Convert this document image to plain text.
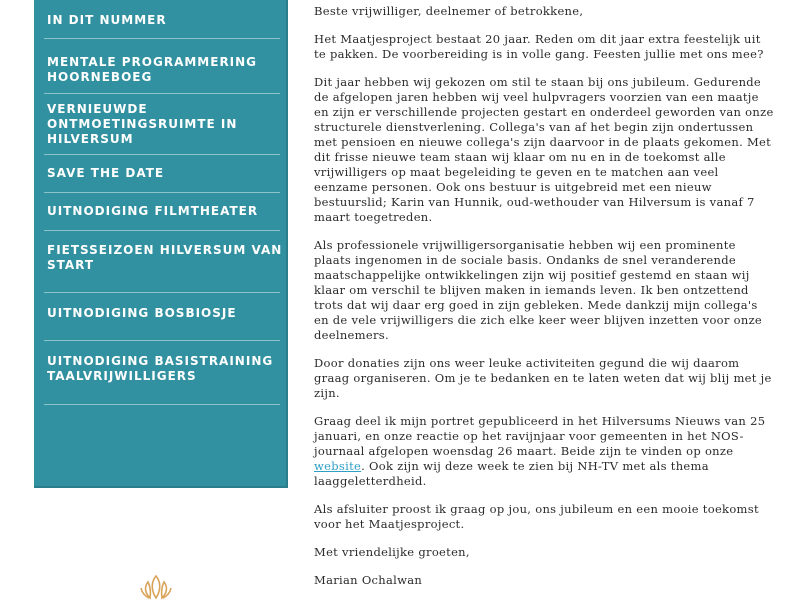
IN DIT NUMMER
MENTALE PROGRAMMERING HOORNEBOEG
VERNIEUWDE ONTMOETINGSRUIMTE IN HILVERSUM
SAVE THE DATE
UITNODIGING FILMTHEATER
FIETSSEIZOEN HILVERSUM VAN START
UITNODIGING BOSBIOSJE
UITNODIGING BASISTRAINING TAALVRIJWILLIGERS

Beste vrijwilliger, deelnemer of betrokkene,

Het Maatjesproject bestaat 20 jaar. Reden om dit jaar extra feestelijk uit te pakken. De voorbereiding is in volle gang. Feesten jullie met ons mee?

Dit jaar hebben wij gekozen om stil te staan bij ons jubileum. Gedurende de afgelopen jaren hebben wij veel hulpvragers voorzien van een maatje en zijn er verschillende projecten gestart en onderdeel geworden van onze structurele dienstverlening. Collega's van af het begin zijn ondertussen met pensioen en nieuwe collega's zijn daarvoor in de plaats gekomen. Met dit frisse nieuwe team staan wij klaar om nu en in de toekomst alle vrijwilligers op maat begeleiding te geven en te matchen aan veel eenzame personen. Ook ons bestuur is uitgebreid met een nieuw bestuurslid; Karin van Hunnik, oud-wethouder van Hilversum is vanaf 7 maart toegetreden.

Als professionele vrijwilligersorganisatie hebben wij een prominente plaats ingenomen in de sociale basis. Ondanks de snel veranderende maatschappelijke ontwikkelingen zijn wij positief gestemd en staan wij klaar om verschil te blijven maken in iemands leven. Ik ben ontzettend trots dat wij daar erg goed in zijn gebleken. Mede dankzij mijn collega's en de vele vrijwilligers die zich elke keer weer blijven inzetten voor onze deelnemers.

Door donaties zijn ons weer leuke activiteiten gegund die wij daarom graag organiseren. Om je te bedanken en te laten weten dat wij blij met je zijn.

Graag deel ik mijn portret gepubliceerd in het Hilversums Nieuws van 25 januari, en onze reactie op het ravijnjaar voor gemeenten in het NOS-journaal afgelopen woensdag 26 maart. Beide zijn te vinden op onze website. Ook zijn wij deze week te zien bij NH-TV met als thema laaggeletterdheid.

Als afsluiter proost ik graag op jou, ons jubileum en een mooie toekomst voor het Maatjesproject.

Met vriendelijke groeten,

Marian Ochalwan
